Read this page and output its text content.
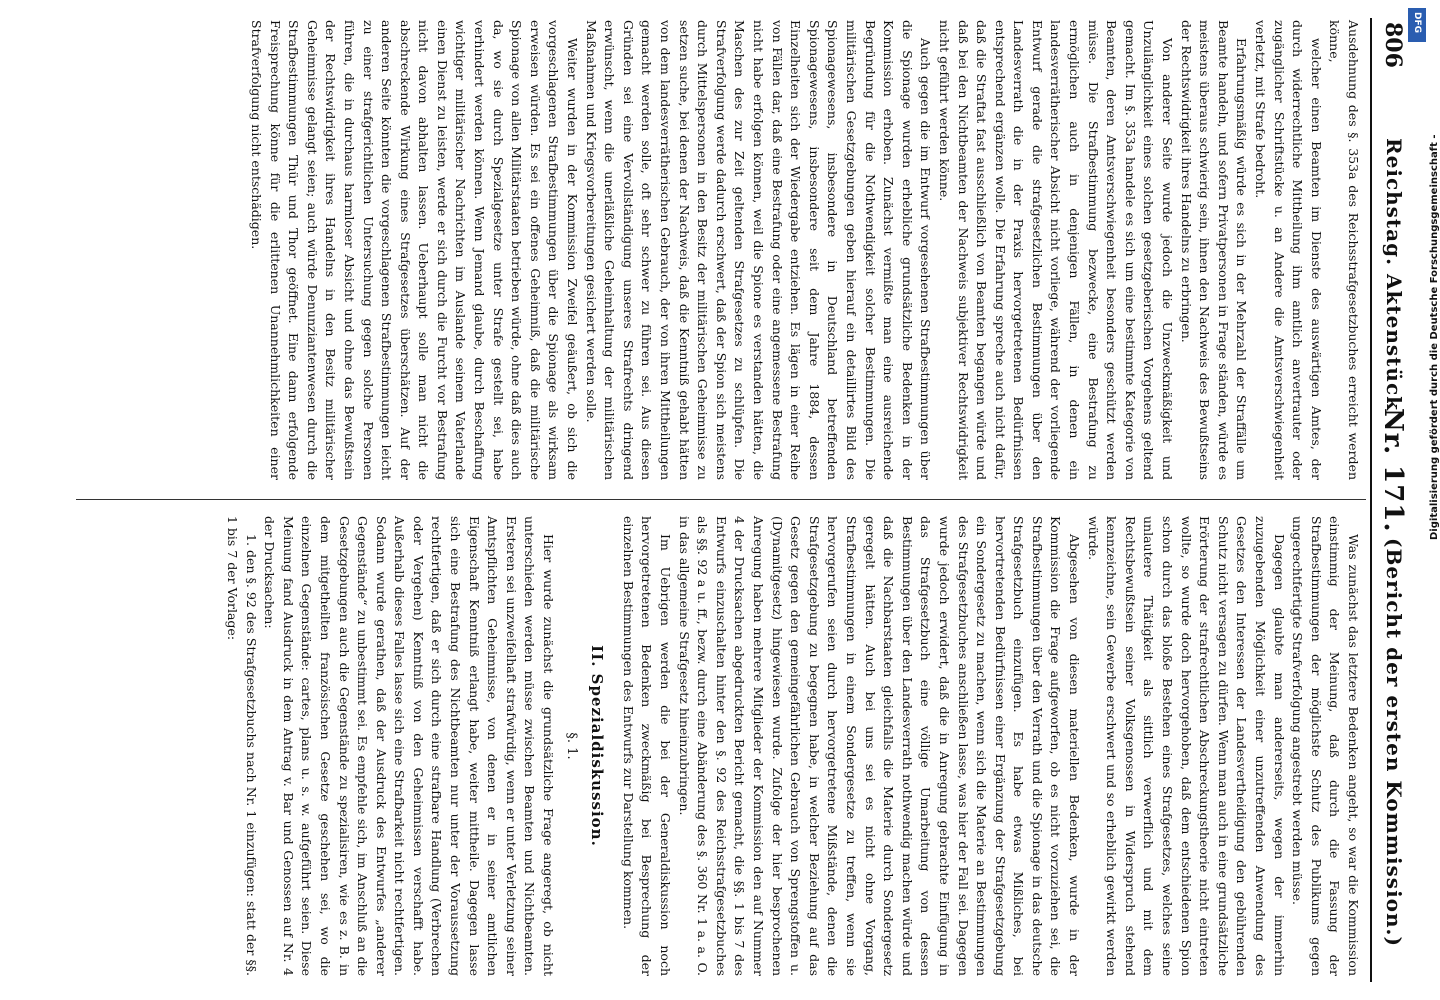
806
Reichstag. Aktenstück
Nr. 171.
(Bericht der ersten Kommission.)

Ausdehnung des §. 353a des Reichsstrafgesetzbuches erreicht werden könne,

welcher einen Beamten im Dienste des auswärtigen Amtes, der durch widerrechtliche Mittheilung ihm amtlich anvertrauter oder zugänglicher Schriftstücke u. an Andere die Amtsverschwiegenheit verletzt, mit Strafe bedroht.

Erfahrungsmäßig würde es sich in der Mehrzahl der Straffälle um Beamte handeln, und sofern Privatpersonen in Frage ständen, würde es meistens überaus schwierig sein, ihnen den Nachweis des Bewußtseins der Rechtswidrigkeit ihres Handelns zu erbringen.

Von anderer Seite wurde jedoch die Unzweckmäßigkeit und Unzulänglichkeit eines solchen gesetzgeberischen Vorgehens geltend gemacht. Im §. 353a handele es sich um eine bestimmte Kategorie von Beamten, deren Amtsverschwiegenheit besonders geschützt werden müsse. Die Strafbestimmung bezwecke, eine Bestrafung zu ermöglichen auch in denjenigen Fällen, in denen ein landesverrätherischer Absicht nicht vorliege, während der vorliegende Entwurf gerade die strafgesetzlichen Bestimmungen über den Landesverrath die in der Praxis hervorgetretenen Bedürfnissen entsprechend ergänzen wolle. Die Erfahrung spreche auch nicht dafür, daß die Straftat fast ausschließlich von Beamten begangen würde und daß bei den Nichtbeamten der Nachweis subjektiver Rechtswidrigkeit nicht geführt werden könne.

Auch gegen die im Entwurf vorgesehenen Strafbestimmungen über die Spionage wurden erhebliche grundsätzliche Bedenken in der Kommission erhoben. Zunächst vermißte man eine ausreichende Begründung für die Nothwendigkeit solcher Bestimmungen. Die militärischen Gesetzgebungen geben hierauf ein detaillirtes Bild des Spionagewesens, insbesondere in Deutschland betreffenden Spionagewesens, insbesondere seit dem Jahre 1884, dessen Einzelheiten sich der Wiedergabe entziehen. Es lägen in einer Reihe von Fällen dar, daß eine Bestrafung oder eine angemessene Bestrafung nicht habe erfolgen können, weil die Spione es verstanden hätten, die Maschen des zur Zeit geltenden Strafgesetzes zu schlüpfen. Die Strafverfolgung werde dadurch erschwert, daß der Spion sich meistens durch Mittelspersonen in den Besitz der militärischen Geheimnisse zu setzen suche, bei denen der Nachweis, daß die Kenntniß gehabt hätten von dem landesverrätherischen Gebrauch, der von ihren Mittheilungen gemacht werden solle, oft sehr schwer zu führen sei. Aus diesen Gründen sei eine Vervollständigung unseres Strafrechts dringend erwünscht, wenn die unerläßliche Geheimhaltung der militärischen Maßnahmen und Kriegsvorbereitungen gesichert werden solle.

Weiter wurden in der Kommission Zweifel geäußert, ob sich die vorgeschlagenen Strafbestimmungen über die Spionage als wirksam erweisen würden. Es sei ein offenes Geheimniß, daß die militärische Spionage von allen Militärstaaten betrieben würde, ohne daß dies auch da, wo sie durch Spezialgesetze unter Strafe gestellt sei, habe verhindert werden können. Wenn Jemand glaube, durch Beschaffung wichtiger militärischer Nachrichten im Auslande seinem Vaterlande einen Dienst zu leisten, werde er sich durch die Furcht vor Bestrafung nicht davon abhalten lassen. Ueberhaupt solle man nicht die abschreckende Wirkung eines Strafgesetzes überschätzen. Auf der anderen Seite könnten die vorgeschlagenen Strafbestimmungen leicht zu einer strafgerichtlichen Untersuchung gegen solche Personen führen, die in durchaus harmloser Absicht und ohne das Bewußtsein der Rechtswidrigkeit ihres Handelns in den Besitz militärischer Geheimnisse gelangt seien; auch würde Denunziantenwesen durch die Strafbestimmungen Thür und Thor geöffnet. Eine dann erfolgende Freisprechung könne für die erlittenen Unannehmlichkeiten einer Strafverfolgung nicht entschädigen.

Was zunächst das letztere Bedenken angeht, so war die Kommission einstimmig der Meinung, daß durch die Fassung der Strafbestimmungen der möglichste Schutz des Publikums gegen ungerechtfertigte Strafverfolgung angestrebt werden müsse.

Dagegen glaubte man andererseits, wegen der immerhin zuzugebenden Möglichkeit einer unzutreffenden Anwendung des Gesetzes den Interessen der Landesvertheidigung den gebührenden Schutz nicht versagen zu dürfen. Wenn man auch in eine grundsätzliche Erörterung der strafrechtlichen Abschreckungstheorie nicht eintreten wollte, so wurde doch hervorgehoben, daß dem entschiedenen Spion schon durch das bloße Bestehen eines Strafgesetzes, welches seine unlautere Thätigkeit als sittlich verwerflich und mit dem Rechtsbewußtsein seiner Volksgenossen in Widerspruch stehend kennzeichne, sein Gewerbe erschwert und so erheblich gewirkt werden würde.

Abgesehen von diesen materiellen Bedenken, wurde in der Kommission die Frage aufgeworfen, ob es nicht vorzuziehen sei, die Strafbestimmungen über den Verrath und die Spionage in das deutsche Strafgesetzbuch einzufügen. Es habe etwas Mißliches, bei hervortretenden Bedürfnissen einer Ergänzung der Strafgesetzgebung ein Sondergesetz zu machen, wenn sich die Materie an Bestimmungen des Strafgesetzbuches anschließen lasse, was hier der Fall sei. Dagegen wurde jedoch erwidert, daß die in Anregung gebrachte Einfügung in das Strafgesetzbuch eine völlige Umarbeitung von dessen Bestimmungen über den Landesverrath nothwendig machen würde und daß die Nachbarstaaten gleichfalls die Materie durch Sondergesetz geregelt hätten. Auch bei uns sei es nicht ohne Vorgang, Strafbestimmungen in einem Sondergesetze zu treffen, wenn sie hervorgerufen seien durch hervorgetretene Mißstände, denen die Strafgesetzgebung zu begegnen habe, in welcher Beziehung auf das Gesetz gegen den gemeingefährlichen Gebrauch von Sprengstoffen u. (Dynamitgesetz) hingewiesen wurde. Zufolge der hier besprochenen Anregung haben mehrere Mitglieder der Kommission den auf Nummer 4 der Drucksachen abgedruckten Bericht gemacht, die §§. 1 bis 7 des Entwurfs einzuschalten hinter den §. 92 des Reichsstrafgesetzbuches als §§. 92 a u. ff., bezw. durch eine Abänderung des §. 360 Nr. 1 a. a. O. in das allgemeine Strafgesetz hineinzubringen.

Im Uebrigen werden die bei der Generaldiskussion noch hervorgetretenen Bedenken zweckmäßig bei Besprechung der einzelnen Bestimmungen des Entwurfs zur Darstellung kommen.

II. Spezialdiskussion.
§. 1.

Hier wurde zunächst die grundsätzliche Frage angeregt, ob nicht unterschieden werden müsse zwischen Beamten und Nichtbeamten. Ersteren sei unzweifelhaft strafwürdig, wenn er unter Verletzung seiner Amtspflichten Geheimnisse, von denen er in seiner amtlichen Eigenschaft Kenntniß erlangt habe, weiter mittheile. Dagegen lasse sich eine Bestrafung des Nichtbeamten nur unter der Voraussetzung rechtfertigen, daß er sich durch eine strafbare Handlung (Verbrechen oder Vergehen) Kenntniß von den Geheimnissen verschafft habe. Außerhalb dieses Falles lasse sich eine Strafbarkeit nicht rechtfertigen. Sodann wurde gerathen, daß der Ausdruck des Entwurfes „anderer Gegenstände“ zu unbestimmt sei. Es empfehle sich, im Anschluß an die Gesetzgebungen auch die Gegenstände zu spezialisiren, wie es z. B. in dem mitgetheilten französischen Gesetze geschehen sei, wo die einzelnen Gegenstände: cartes, plans u. s. w. aufgeführt seien. Diese Meinung fand Ausdruck in dem Antrag v. Bar und Genossen auf Nr. 4 der Drucksachen:

1. den §. 92 des Strafgesetzbuchs nach Nr. 1 einzufügen: statt der §§. 1 bis 7 der Vorlage:

DFG
Digitalisierung gefördert durch die Deutsche Forschungsgemeinschaft -
